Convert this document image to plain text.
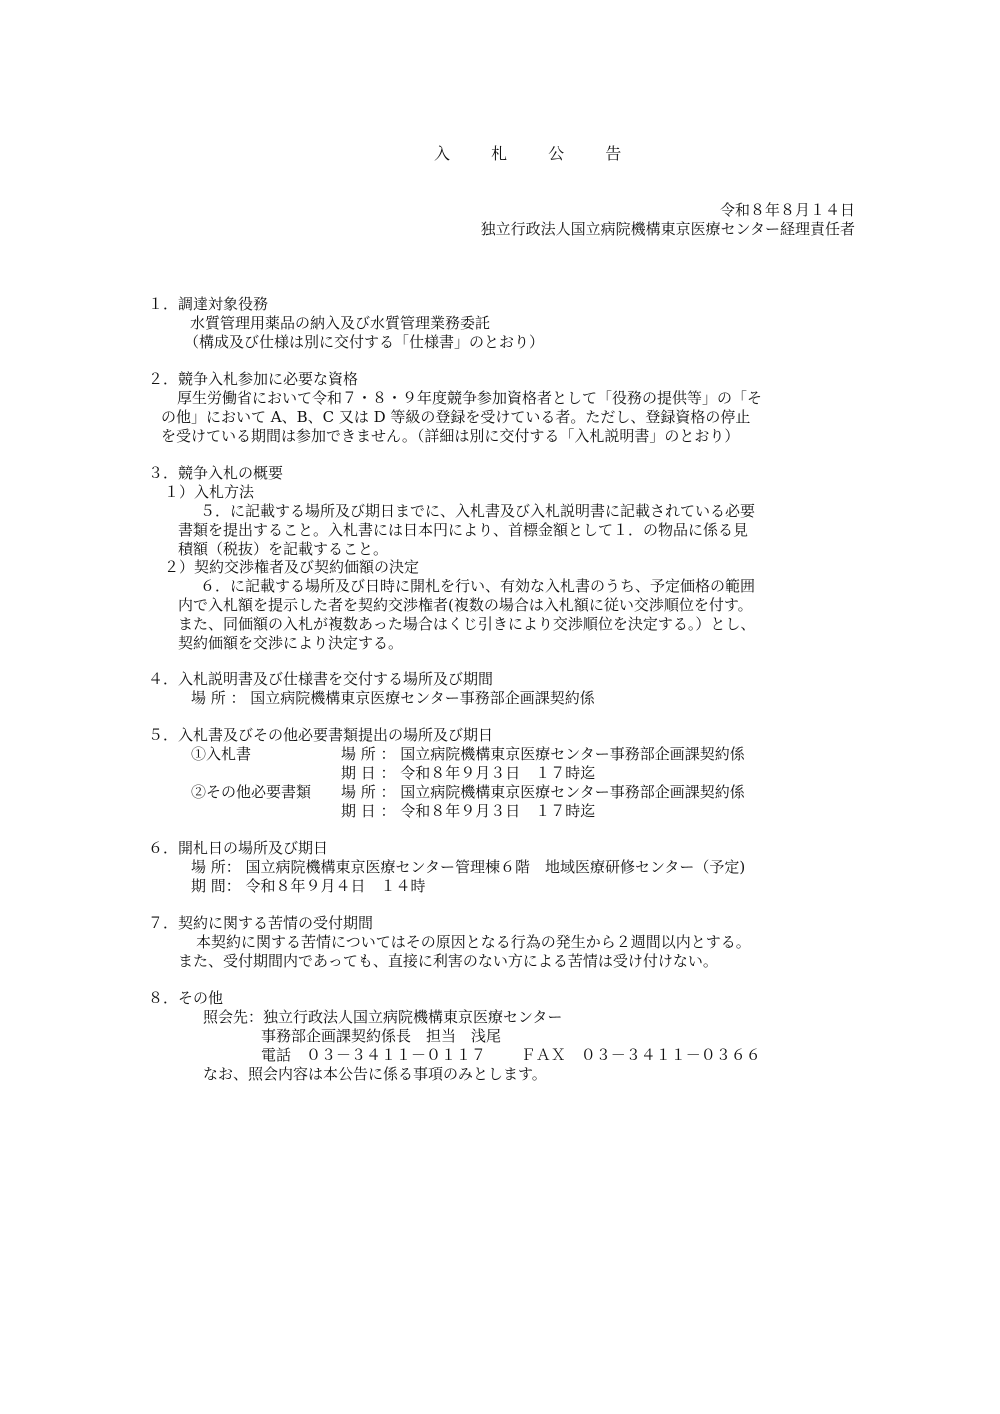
入 札 公 告
令和８年８月１４日
独立行政法人国立病院機構東京医療センター経理責任者
１．調達対象役務
水質管理用薬品の納入及び水質管理業務委託
（構成及び仕様は別に交付する「仕様書」のとおり）
２．競争入札参加に必要な資格
厚生労働省において令和７・８・９年度競争参加資格者として「役務の提供等」の「そ
の他」において A、B、C 又は D 等級の登録を受けている者。ただし、登録資格の停止
を受けている期間は参加できません。（詳細は別に交付する「入札説明書」のとおり）
３．競争入札の概要
１）入札方法
５．に記載する場所及び期日までに、入札書及び入札説明書に記載されている必要
書類を提出すること。入札書には日本円により、首標金額として１．の物品に係る見
積額（税抜）を記載すること。
２）契約交渉権者及び契約価額の決定
６．に記載する場所及び日時に開札を行い、有効な入札書のうち、予定価格の範囲
内で入札額を提示した者を契約交渉権者(複数の場合は入札額に従い交渉順位を付す。
また、同価額の入札が複数あった場合はくじ引きにより交渉順位を決定する。）とし、
契約価額を交渉により決定する。
４．入札説明書及び仕様書を交付する場所及び期間
場 所 ： 国立病院機構東京医療センター事務部企画課契約係
５．入札書及びその他必要書類提出の場所及び期日
①入札書	場 所 ： 国立病院機構東京医療センター事務部企画課契約係
期 日 ： 令和８年９月３日　１７時迄
②その他必要書類 場 所 ： 国立病院機構東京医療センター事務部企画課契約係
期 日 ： 令和８年９月３日　１７時迄
６．開札日の場所及び期日
場 所： 国立病院機構東京医療センター管理棟６階　地域医療研修センター（予定)
期 間： 令和８年９月４日　１４時
７．契約に関する苦情の受付期間
本契約に関する苦情についてはその原因となる行為の発生から２週間以内とする。
また、受付期間内であっても、直接に利害のない方による苦情は受け付けない。
８．その他
照会先：独立行政法人国立病院機構東京医療センター
事務部企画課契約係長　担当　浅尾
電話　０３－３４１１－０１１７　　 ＦＡＸ　０３－３４１１－０３６６
なお、照会内容は本公告に係る事項のみとします。
